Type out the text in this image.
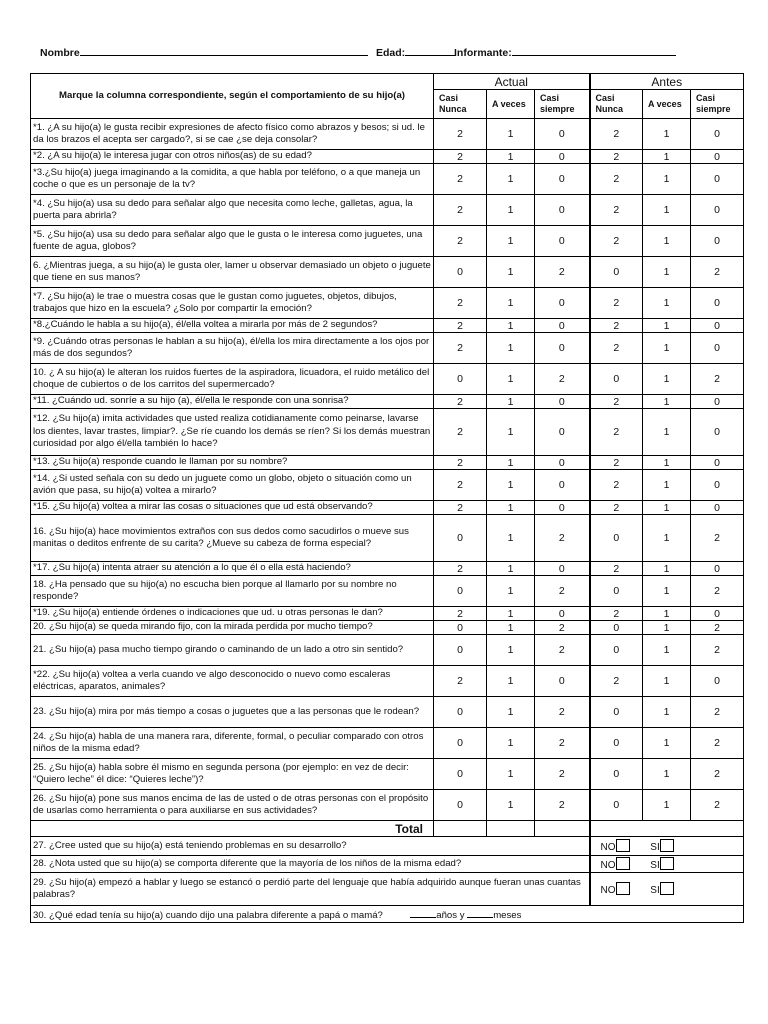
Nombre	Edad:	Informante:
Marque la columna correspondiente, según el comportamiento de su hijo(a)	Actual			Antes		
	Casi Nunca	A veces	Casi siempre	Casi Nunca	A veces	Casi siempre
*1. ¿A su hijo(a) le gusta recibir expresiones de afecto físico como abrazos y besos; si ud. le da los brazos el acepta ser cargado?, si se cae ¿se deja consolar?	2	1	0	2	1	0
*2. ¿A su hijo(a) le interesa jugar con otros niños(as) de su edad?	2	1	0	2	1	0
*3.¿Su hijo(a) juega imaginando a la comidita, a que habla por teléfono, o a que maneja un coche o que es un personaje de la tv?	2	1	0	2	1	0
*4. ¿Su hijo(a) usa su dedo para señalar algo que necesita como leche, galletas, agua, la puerta para abrirla?	2	1	0	2	1	0
*5. ¿Su hijo(a) usa su dedo para señalar algo que le gusta o le interesa como juguetes, una fuente de agua, globos?	2	1	0	2	1	0
6. ¿Mientras juega, a su hijo(a) le gusta oler, lamer u observar demasiado un objeto o juguete que tiene en sus manos?	0	1	2	0	1	2
*7. ¿Su hijo(a) le trae o muestra cosas que le gustan como juguetes, objetos, dibujos, trabajos que hizo en la escuela? ¿Solo por compartir la emoción?	2	1	0	2	1	0
*8.¿Cuándo le habla a su hijo(a), él/ella voltea a mirarla por más de 2 segundos?	2	1	0	2	1	0
*9. ¿Cuándo otras personas le hablan a su hijo(a), él/ella los mira directamente a los ojos por más de dos segundos?	2	1	0	2	1	0
10. ¿ A su hijo(a) le alteran los ruidos fuertes de la aspiradora, licuadora, el ruido metálico del choque de cubiertos o de los carritos del supermercado?	0	1	2	0	1	2
*11. ¿Cuándo ud. sonríe a su hijo (a), él/ella le responde con una sonrisa?	2	1	0	2	1	0
*12. ¿Su hijo(a) imita actividades que usted realiza cotidianamente como peinarse, lavarse los dientes, lavar trastes, limpiar?. ¿Se ríe cuando los demás se ríen? Si los demás muestran curiosidad por algo él/ella también lo hace?	2	1	0	2	1	0
*13. ¿Su hijo(a) responde cuando le llaman por su nombre?	2	1	0	2	1	0
*14. ¿Si usted señala con su dedo un juguete como un globo, objeto o situación como un avión que pasa, su hijo(a) voltea a mirarlo?	2	1	0	2	1	0
*15. ¿Su hijo(a) voltea a mirar las cosas o situaciones que ud está observando?	2	1	0	2	1	0
16. ¿Su hijo(a) hace movimientos extraños con sus dedos como sacudirlos o mueve sus manitas o deditos enfrente de su carita? ¿Mueve su cabeza de forma especial?	0	1	2	0	1	2
*17. ¿Su hijo(a) intenta atraer su atención a lo que él o ella está haciendo?	2	1	0	2	1	0
18. ¿Ha pensado que su hijo(a) no escucha bien porque al llamarlo por su nombre no responde?	0	1	2	0	1	2
*19. ¿Su hijo(a) entiende órdenes o indicaciones que ud. u otras personas le dan?	2	1	0	2	1	0
20. ¿Su hijo(a) se queda mirando fijo, con la mirada perdida por mucho tiempo?	0	1	2	0	1	2
21. ¿Su hijo(a) pasa mucho tiempo girando o caminando de un lado a otro sin sentido?	0	1	2	0	1	2
*22. ¿Su hijo(a) voltea a verla cuando ve algo desconocido o nuevo como escaleras eléctricas, aparatos, animales?	2	1	0	2	1	0
23. ¿Su hijo(a) mira por más tiempo a cosas o juguetes que a las personas que le rodean?	0	1	2	0	1	2
24. ¿Su hijo(a) habla de una manera rara, diferente, formal, o peculiar comparado con otros niños de la misma edad?	0	1	2	0	1	2
25. ¿Su hijo(a) habla sobre él mismo en segunda persona (por ejemplo: en vez de decir: “Quiero leche” él dice: “Quieres leche”)?	0	1	2	0	1	2
26. ¿Su hijo(a) pone sus manos encima de las de usted o de otras personas con el propósito de usarlas como herramienta o para auxiliarse en sus actividades?	0	1	2	0	1	2
Total						
27. ¿Cree usted que su hijo(a) está teniendo problemas en su desarrollo?				NO SI		
28. ¿Nota usted que su hijo(a) se comporta diferente que la mayoría de los niños de la misma edad?				NO SI		
29. ¿Su hijo(a) empezó a hablar y luego se estancó o perdió parte del lenguaje que había adquirido aunque fueran unas cuantas palabras?				NO SI		
30. ¿Qué edad tenía su hijo(a) cuando dijo una palabra diferente a papá o mamá? años y meses						
